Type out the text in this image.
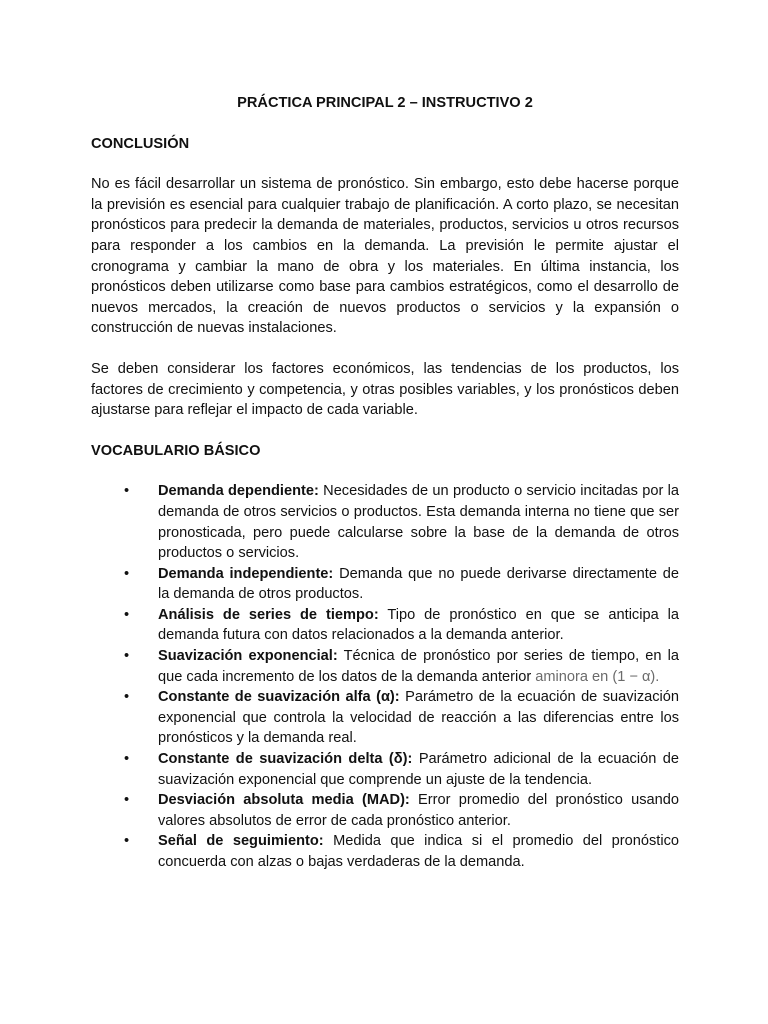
PRÁCTICA PRINCIPAL 2 – INSTRUCTIVO 2
CONCLUSIÓN

No es fácil desarrollar un sistema de pronóstico. Sin embargo, esto debe hacerse porque la previsión es esencial para cualquier trabajo de planificación. A corto plazo, se necesitan pronósticos para predecir la demanda de materiales, productos, servicios u otros recursos para responder a los cambios en la demanda. La previsión le permite ajustar el cronograma y cambiar la mano de obra y los materiales. En última instancia, los pronósticos deben utilizarse como base para cambios estratégicos, como el desarrollo de nuevos mercados, la creación de nuevos productos o servicios y la expansión o construcción de nuevas instalaciones.

Se deben considerar los factores económicos, las tendencias de los productos, los factores de crecimiento y competencia, y otras posibles variables, y los pronósticos deben ajustarse para reflejar el impacto de cada variable.

VOCABULARIO BÁSICO
• Demanda dependiente: Necesidades de un producto o servicio incitadas por la demanda de otros servicios o productos. Esta demanda interna no tiene que ser pronosticada, pero puede calcularse sobre la base de la demanda de otros productos o servicios.
• Demanda independiente: Demanda que no puede derivarse directamente de la demanda de otros productos.
• Análisis de series de tiempo: Tipo de pronóstico en que se anticipa la demanda futura con datos relacionados a la demanda anterior.
• Suavización exponencial: Técnica de pronóstico por series de tiempo, en la que cada incremento de los datos de la demanda anterior aminora en (1 − α).
• Constante de suavización alfa (α): Parámetro de la ecuación de suavización exponencial que controla la velocidad de reacción a las diferencias entre los pronósticos y la demanda real.
• Constante de suavización delta (δ): Parámetro adicional de la ecuación de suavización exponencial que comprende un ajuste de la tendencia.
• Desviación absoluta media (MAD): Error promedio del pronóstico usando valores absolutos de error de cada pronóstico anterior.
• Señal de seguimiento: Medida que indica si el promedio del pronóstico concuerda con alzas o bajas verdaderas de la demanda.
